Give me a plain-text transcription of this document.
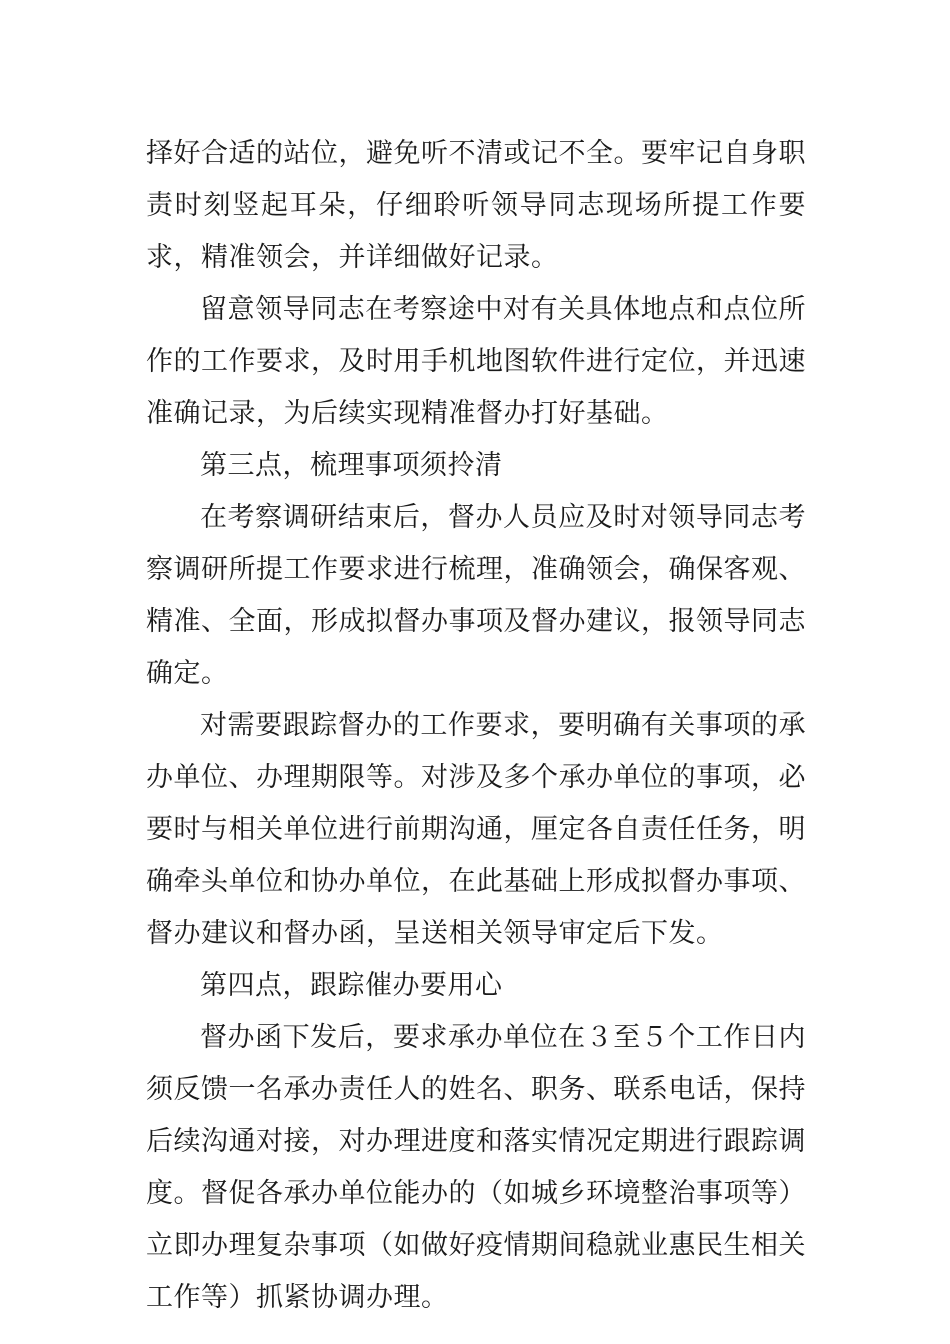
择好合适的站位，避免听不清或记不全。要牢记自身职责时刻竖起耳朵，仔细聆听领导同志现场所提工作要求，精准领会，并详细做好记录。

留意领导同志在考察途中对有关具体地点和点位所作的工作要求，及时用手机地图软件进行定位，并迅速准确记录，为后续实现精准督办打好基础。

第三点，梳理事项须拎清

在考察调研结束后，督办人员应及时对领导同志考察调研所提工作要求进行梳理，准确领会，确保客观、精准、全面，形成拟督办事项及督办建议，报领导同志确定。

对需要跟踪督办的工作要求，要明确有关事项的承办单位、办理期限等。对涉及多个承办单位的事项，必要时与相关单位进行前期沟通，厘定各自责任任务，明确牵头单位和协办单位，在此基础上形成拟督办事项、督办建议和督办函，呈送相关领导审定后下发。

第四点，跟踪催办要用心

督办函下发后，要求承办单位在３至５个工作日内须反馈一名承办责任人的姓名、职务、联系电话，保持后续沟通对接，对办理进度和落实情况定期进行跟踪调度。督促各承办单位能办的（如城乡环境整治事项等）立即办理复杂事项（如做好疫情期间稳就业惠民生相关工作等）抓紧协调办理。
